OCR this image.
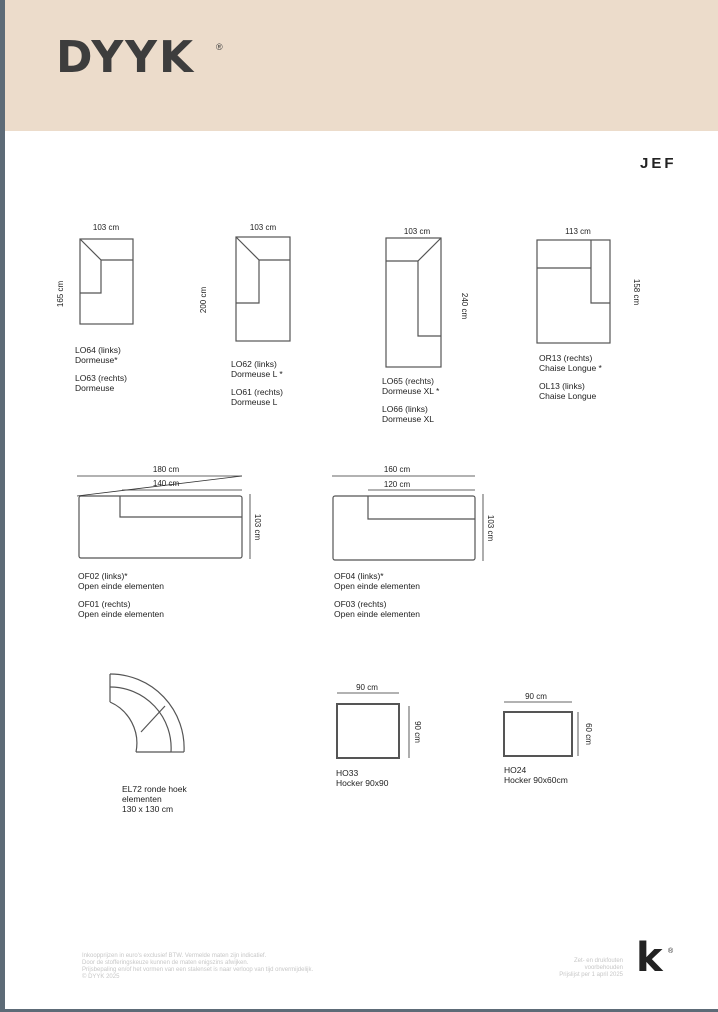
DYYK ®
JEF
103 cm
165 cm
103 cm
200 cm
103 cm
240 cm
113 cm
158 cm
180 cm
140 cm
103 cm
160 cm
120 cm
103 cm
90 cm
90 cm
90 cm
60 cm
LO64 (links)
Dormeuse*
LO63 (rechts)
Dormeuse
LO62 (links)
Dormeuse L *
LO61 (rechts)
Dormeuse L
LO65 (rechts)
Dormeuse XL *
LO66 (links)
Dormeuse XL
OR13 (rechts)
Chaise Longue *
OL13 (links)
Chaise Longue
OF02 (links)*
Open einde elementen
OF01 (rechts)
Open einde elementen
OF04 (links)*
Open einde elementen
OF03 (rechts)
Open einde elementen
EL72 ronde hoek
elementen
130 x 130 cm
HO33
Hocker 90x90
HO24
Hocker 90x60cm
Inkoopprijzen in euro's exclusief BTW. Vermelde maten zijn indicatief.
Door de stofferingskeuze kunnen de maten enigszins afwijken.
Prijsbepaling en/of het vormen van een stalenset is naar verloop van tijd onvermijdelijk.
© DYYK 2025
Zet- en drukfouten
voorbehouden
Prijslijst per 1 april 2025 k ®
